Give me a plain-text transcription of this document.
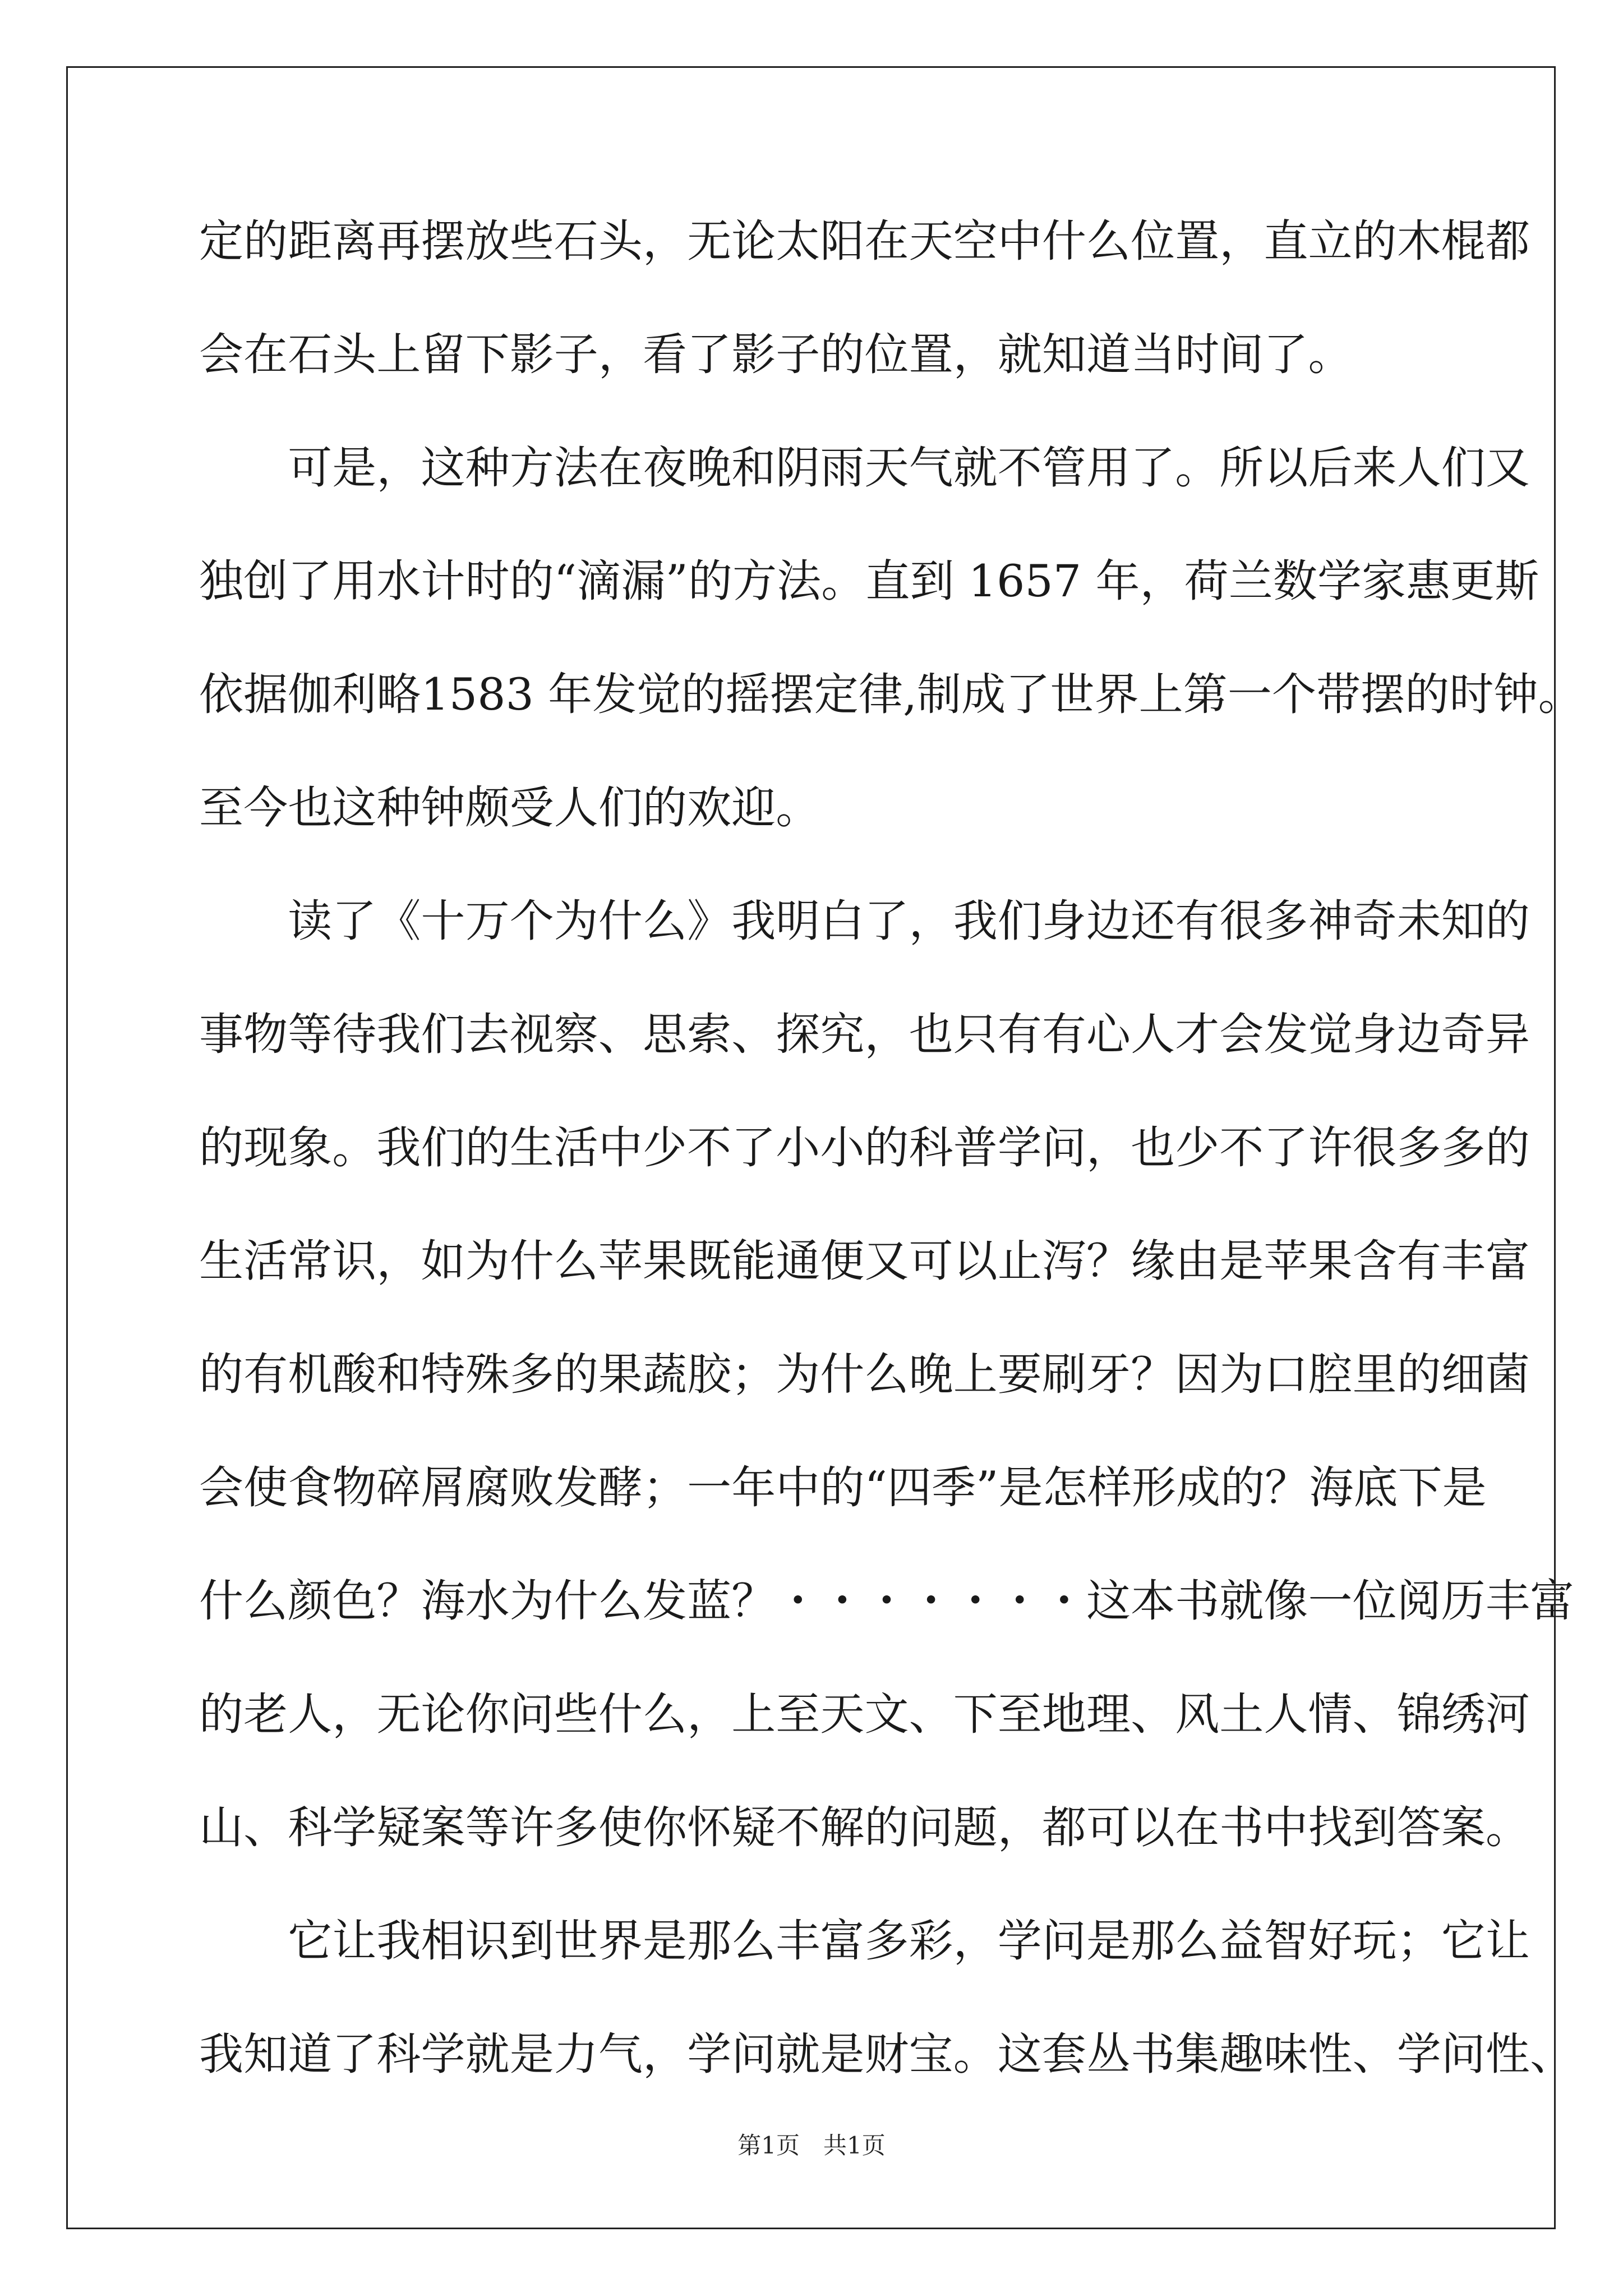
定的距离再摆放些石头，无论太阳在天空中什么位置，直立的木棍都
会在石头上留下影子，看了影子的位置，就知道当时间了。
　　可是，这种方法在夜晚和阴雨天气就不管用了。所以后来人们又
独创了用水计时的“滴漏”的方法。直到 1657 年，荷兰数学家惠更斯
依据伽利略1583 年发觉的摇摆定律,制成了世界上第一个带摆的时钟。
至今也这种钟颇受人们的欢迎。
　　读了《十万个为什么》我明白了，我们身边还有很多神奇未知的
事物等待我们去视察、思索、探究，也只有有心人才会发觉身边奇异
的现象。我们的生活中少不了小小的科普学问，也少不了许很多多的
生活常识，如为什么苹果既能通便又可以止泻？缘由是苹果含有丰富
的有机酸和特殊多的果蔬胶；为什么晚上要刷牙？因为口腔里的细菌
会使食物碎屑腐败发酵；一年中的“四季”是怎样形成的？海底下是
什么颜色？海水为什么发蓝？・・・・・・・这本书就像一位阅历丰富
的老人，无论你问些什么，上至天文、下至地理、风土人情、锦绣河
山、科学疑案等许多使你怀疑不解的问题，都可以在书中找到答案。
　　它让我相识到世界是那么丰富多彩，学问是那么益智好玩；它让
我知道了科学就是力气，学问就是财宝。这套丛书集趣味性、学问性、
第1页　共1页
